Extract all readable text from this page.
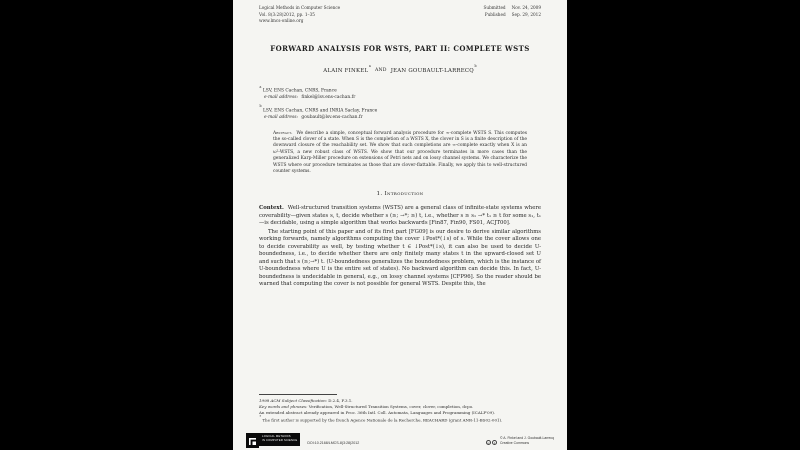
Logical Methods in Computer Science
Vol. 8(3:28)2012, pp. 1–35
www.lmcs-online.org
Submitted Nov. 24, 2009
Published Sep. 29, 2012
FORWARD ANALYSIS FOR WSTS, PART II: COMPLETE WSTS
ALAIN FINKEL$^a$ AND JEAN GOUBAULT-LARRECQ$^b$
$^a$ LSV, ENS Cachan, CNRS, France
e-mail address: finkel@lsv.ens-cachan.fr
$^b$ LSV, ENS Cachan, CNRS and INRIA Saclay, France
e-mail address: goubault@lsv.ens-cachan.fr

Abstract. We describe a simple, conceptual forward analysis procedure for ∞-complete WSTS S. This computes the so-called clover of a state. When S is the completion of a WSTS X, the clover in S is a finite description of the downward closure of the reachability set. We show that such completions are ∞-complete exactly when X is an ω²-WSTS, a new robust class of WSTS. We show that our procedure terminates in more cases than the generalized Karp-Miller procedure on extensions of Petri nets and on lossy channel systems. We characterize the WSTS where our procedure terminates as those that are clover-flattable. Finally, we apply this to well-structured counter systems.

1. Introduction

Context. Well-structured transition systems (WSTS) are a general class of infinite-state systems where coverability—given states s, t, decide whether s (≥; →*; ≥) t, i.e., whether s ≥ s₁ →* t₁ ≥ t for some s₁, t₁—is decidable, using a simple algorithm that works backwards [Fin87, Fin90, FS01, ACJT00].

The starting point of this paper and of its first part [FG09] is our desire to derive similar algorithms working forwards, namely algorithms computing the cover ↓Post*(↓s) of s. While the cover allows one to decide coverability as well, by testing whether t ∈ ↓Post*(↓s), it can also be used to decide U-boundedness, i.e., to decide whether there are only finitely many states t in the upward-closed set U and such that s (≥;→*) t. (U-boundedness generalizes the boundedness problem, which is the instance of U-boundedness where U is the entire set of states). No backward algorithm can decide this. In fact, U-boundedness is undecidable in general, e.g., on lossy channel systems [CFP96]. So the reader should be warned that computing the cover is not possible for general WSTS. Despite this, the

1998 ACM Subject Classification: D.2.4, F.3.1.
Key words and phrases: Verification, Well-Structured Transition Systems, cover, clover, completion, dcpo.
An extended abstract already appeared in Proc. 36th Intl. Coll. Automata, Languages and Programming (ICALP'09).
* The first author is supported by the french Agence Nationale de la Recherche, REACHARD (grant ANR-11-BS02-001).
LOGICAL METHODS
IN COMPUTER SCIENCE
DOI:10.2168/LMCS-8(3:28)2012	cc	b
© A. Finkel and J. Goubault-Larrecq
Creative Commons
